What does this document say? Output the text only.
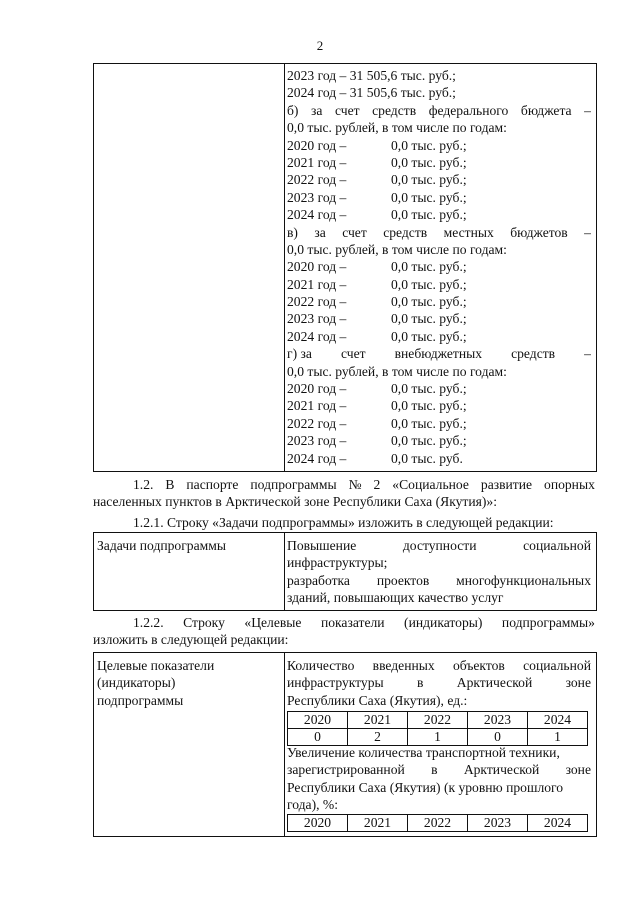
2
2023 год – 31 505,6 тыс. руб.;
2024 год – 31 505,6 тыс. руб.;
б) за счет средств федерального бюджета –
0,0 тыс. рублей, в том числе по годам:
2020 год –	0,0 тыс. руб.;
2021 год –	0,0 тыс. руб.;
2022 год –	0,0 тыс. руб.;
2023 год –	0,0 тыс. руб.;
2024 год –	0,0 тыс. руб.;
в) за счет средств местных бюджетов –
0,0 тыс. рублей, в том числе по годам:
2020 год –	0,0 тыс. руб.;
2021 год –	0,0 тыс. руб.;
2022 год –	0,0 тыс. руб.;
2023 год –	0,0 тыс. руб.;
2024 год –	0,0 тыс. руб.;
г) за счет внебюджетных средств –
0,0 тыс. рублей, в том числе по годам:
2020 год –	0,0 тыс. руб.;
2021 год –	0,0 тыс. руб.;
2022 год –	0,0 тыс. руб.;
2023 год –	0,0 тыс. руб.;
2024 год –	0,0 тыс. руб.
1.2. В паспорте подпрограммы № 2 «Социальное развитие опорных
населенных пунктов в Арктической зоне Республики Саха (Якутия)»:
1.2.1. Строку «Задачи подпрограммы» изложить в следующей редакции:
Задачи подпрограммы	Повышение	доступности	социальной
инфраструктуры;
разработка проектов многофункциональных
зданий, повышающих качество услуг
1.2.2. Строку «Целевые показатели (индикаторы) подпрограммы»
изложить в следующей редакции:
Целевые показатели
(индикаторы)
подпрограммы
Количество введенных объектов социальной
инфраструктуры в Арктической зоне
Республики Саха (Якутия), ед.:
2020	2021	2022	2023	2024
0	2	1	0	1
Увеличение количества транспортной техники,
зарегистрированной в Арктической зоне
Республики Саха (Якутия) (к уровню прошлого
года), %:
2020	2021	2022	2023	2024
